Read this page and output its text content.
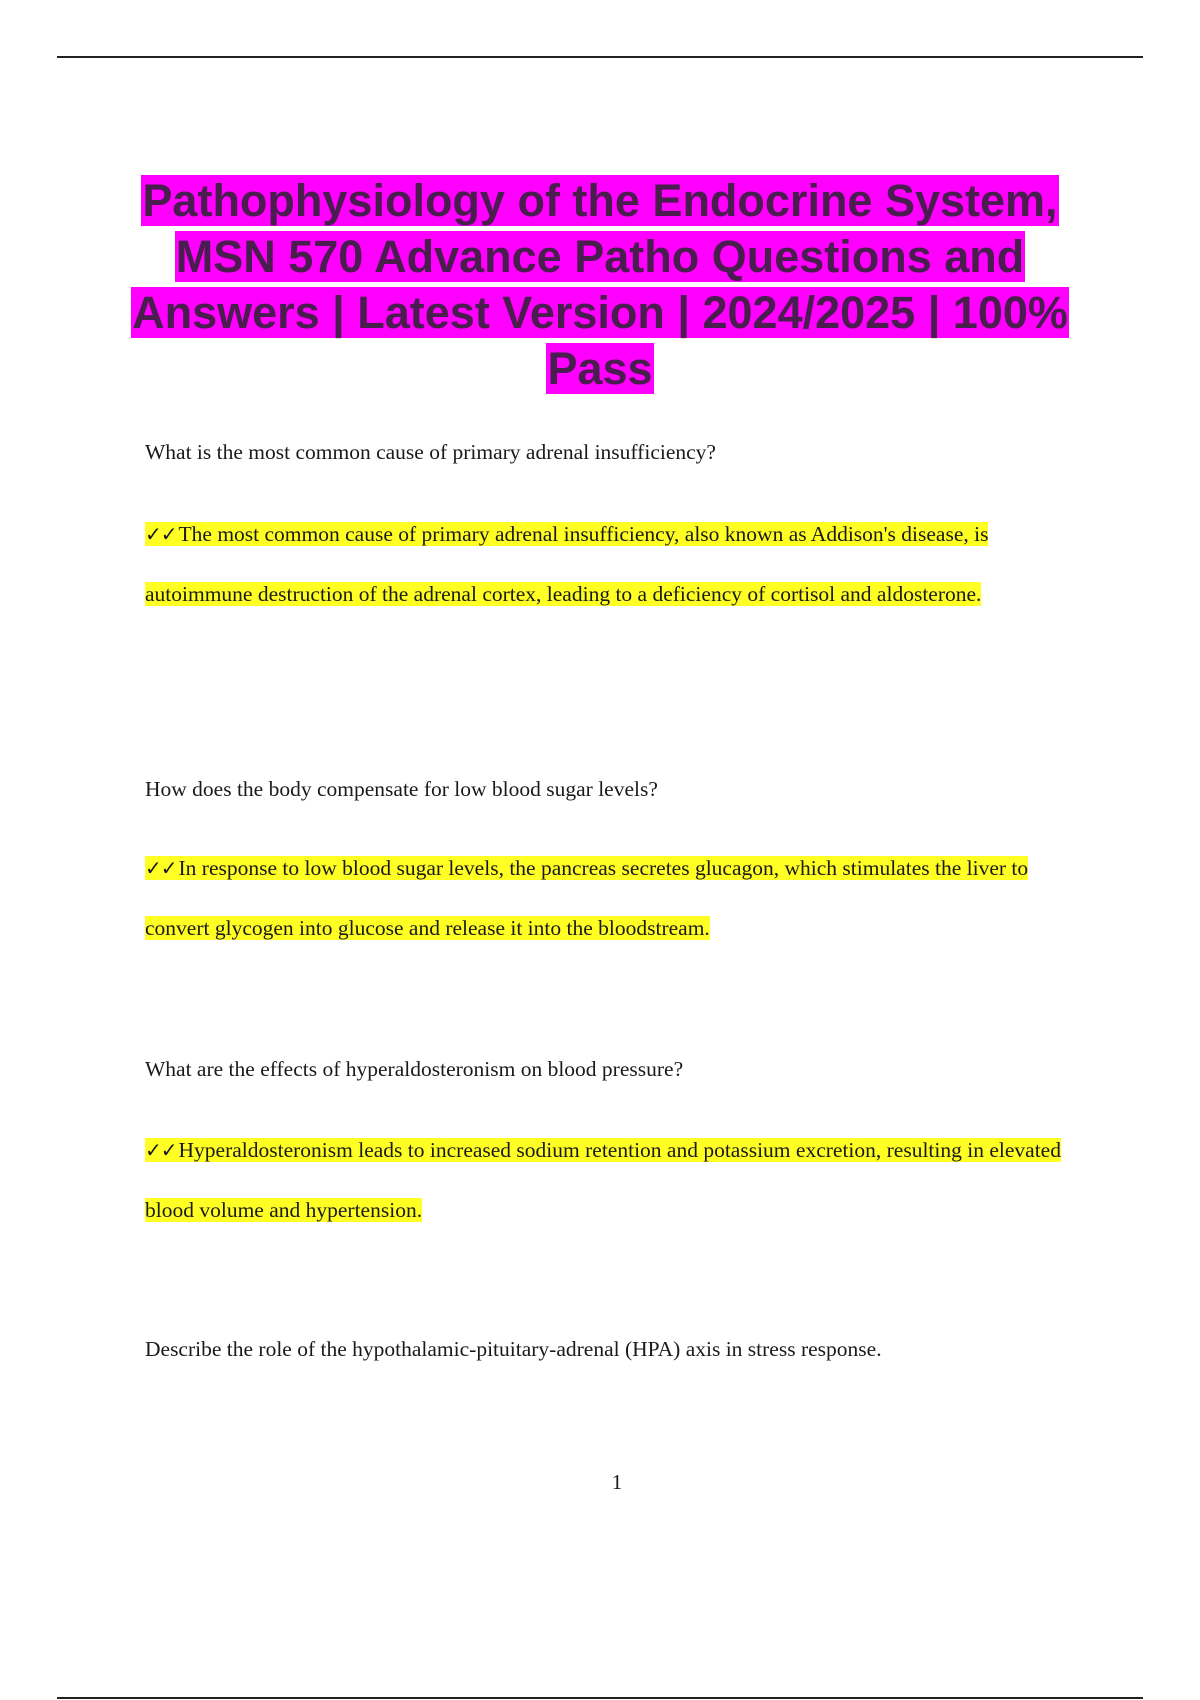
Pathophysiology of the Endocrine System, MSN 570 Advance Patho Questions and Answers | Latest Version | 2024/2025 | 100% Pass

What is the most common cause of primary adrenal insufficiency?

✓✓The most common cause of primary adrenal insufficiency, also known as Addison's disease, is autoimmune destruction of the adrenal cortex, leading to a deficiency of cortisol and aldosterone.

How does the body compensate for low blood sugar levels?

✓✓In response to low blood sugar levels, the pancreas secretes glucagon, which stimulates the liver to convert glycogen into glucose and release it into the bloodstream.

What are the effects of hyperaldosteronism on blood pressure?

✓✓Hyperaldosteronism leads to increased sodium retention and potassium excretion, resulting in elevated blood volume and hypertension.

Describe the role of the hypothalamic-pituitary-adrenal (HPA) axis in stress response.

1
